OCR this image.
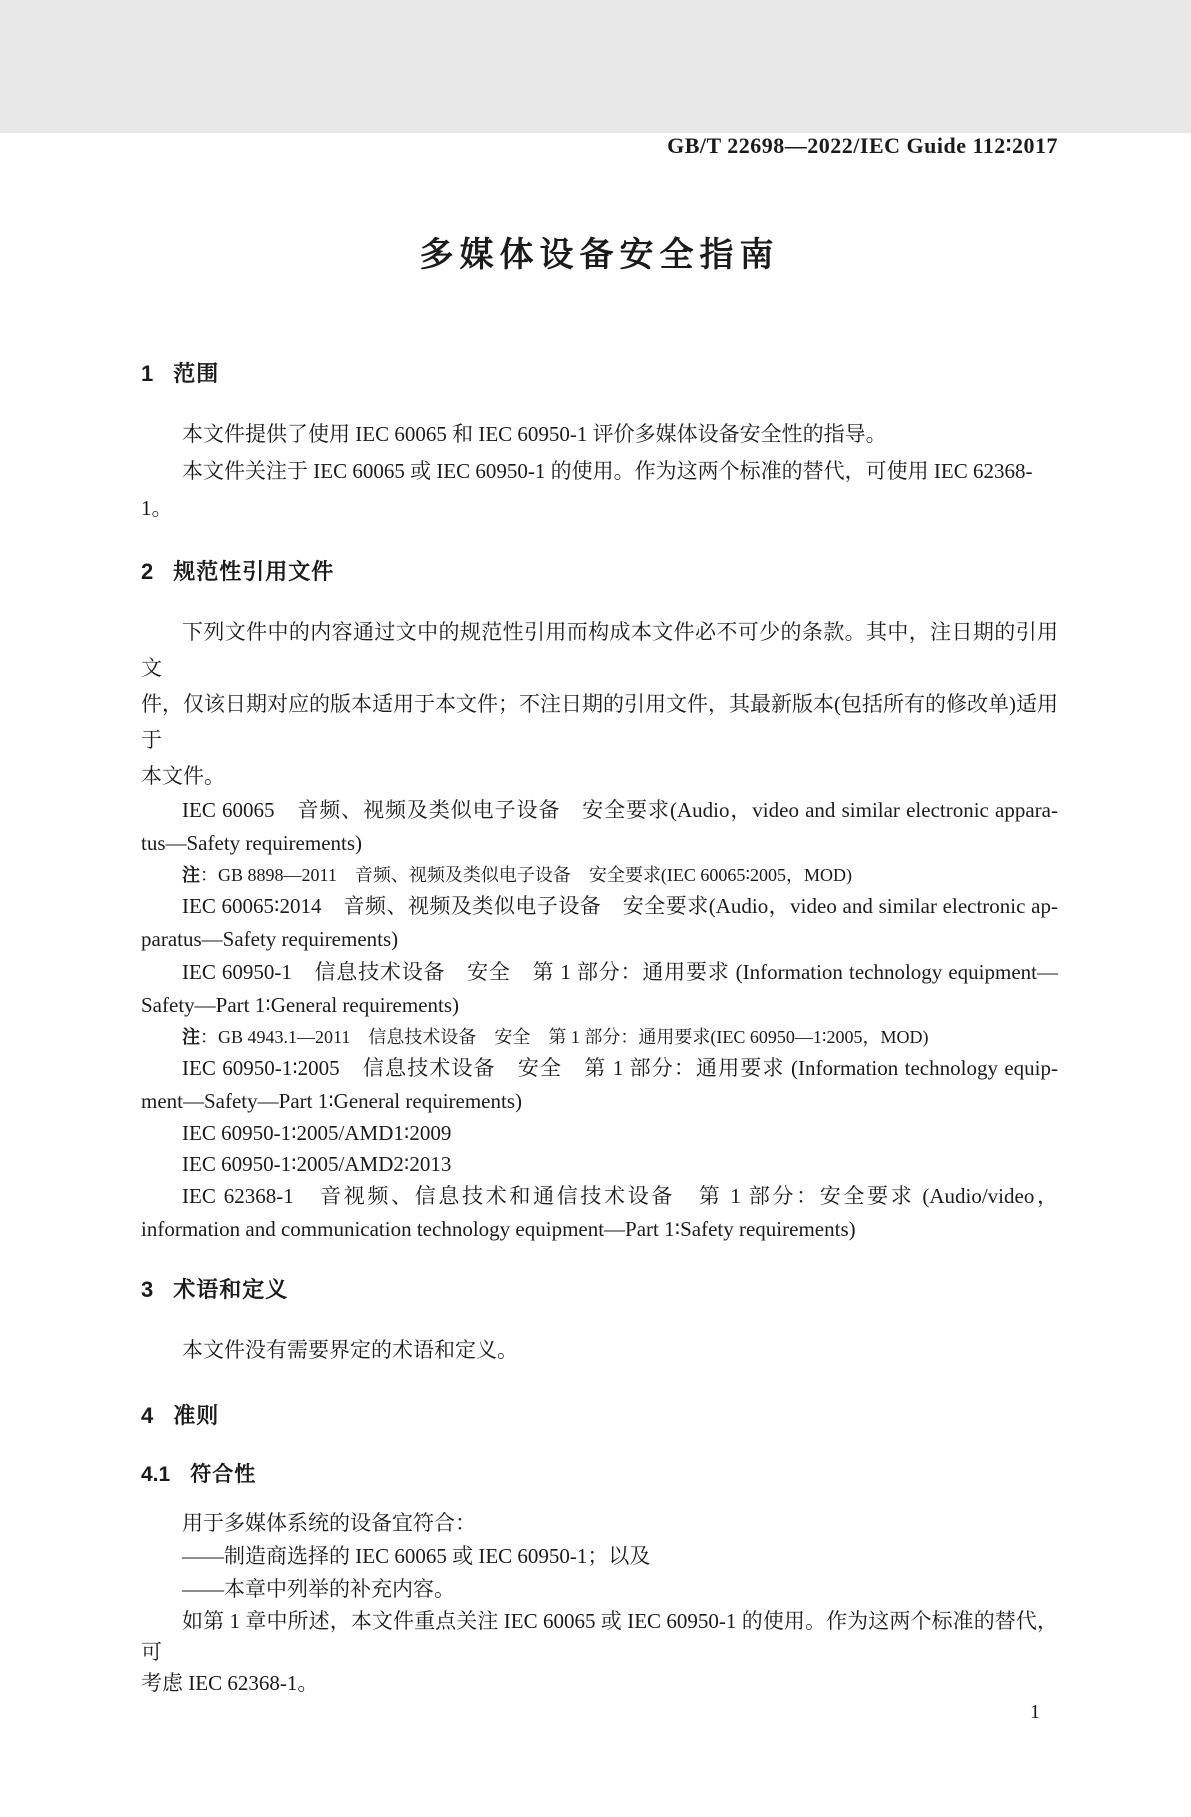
GB/T 22698—2022/IEC Guide 112∶2017
多媒体设备安全指南
1 范围
本文件提供了使用 IEC 60065 和 IEC 60950-1 评价多媒体设备安全性的指导。
本文件关注于 IEC 60065 或 IEC 60950-1 的使用。作为这两个标准的替代，可使用 IEC 62368-1。
2 规范性引用文件
下列文件中的内容通过文中的规范性引用而构成本文件必不可少的条款。其中，注日期的引用文
件，仅该日期对应的版本适用于本文件；不注日期的引用文件，其最新版本(包括所有的修改单)适用于
本文件。
IEC 60065　音频、视频及类似电子设备　安全要求(Audio，video and similar electronic appara-
tus—Safety requirements)
注：GB 8898—2011　音频、视频及类似电子设备　安全要求(IEC 60065∶2005，MOD)
IEC 60065∶2014　音频、视频及类似电子设备　安全要求(Audio，video and similar electronic ap-
paratus—Safety requirements)
IEC 60950-1　信息技术设备　安全　第 1 部分：通用要求 (Information technology equipment—
Safety—Part 1∶General requirements)
注：GB 4943.1—2011　信息技术设备　安全　第 1 部分：通用要求(IEC 60950—1∶2005，MOD)
IEC 60950-1∶2005　信息技术设备　安全　第 1 部分：通用要求 (Information technology equip-
ment—Safety—Part 1∶General requirements)
IEC 60950-1∶2005/AMD1∶2009
IEC 60950-1∶2005/AMD2∶2013
IEC 62368-1　音视频、信息技术和通信技术设备　第 1 部分：安全要求 (Audio/video，
information and communication technology equipment—Part 1∶Safety requirements)
3 术语和定义
本文件没有需要界定的术语和定义。
4 准则
4.1 符合性
用于多媒体系统的设备宜符合：
——制造商选择的 IEC 60065 或 IEC 60950-1；以及
——本章中列举的补充内容。
如第 1 章中所述，本文件重点关注 IEC 60065 或 IEC 60950-1 的使用。作为这两个标准的替代，可
考虑 IEC 62368-1。
1
